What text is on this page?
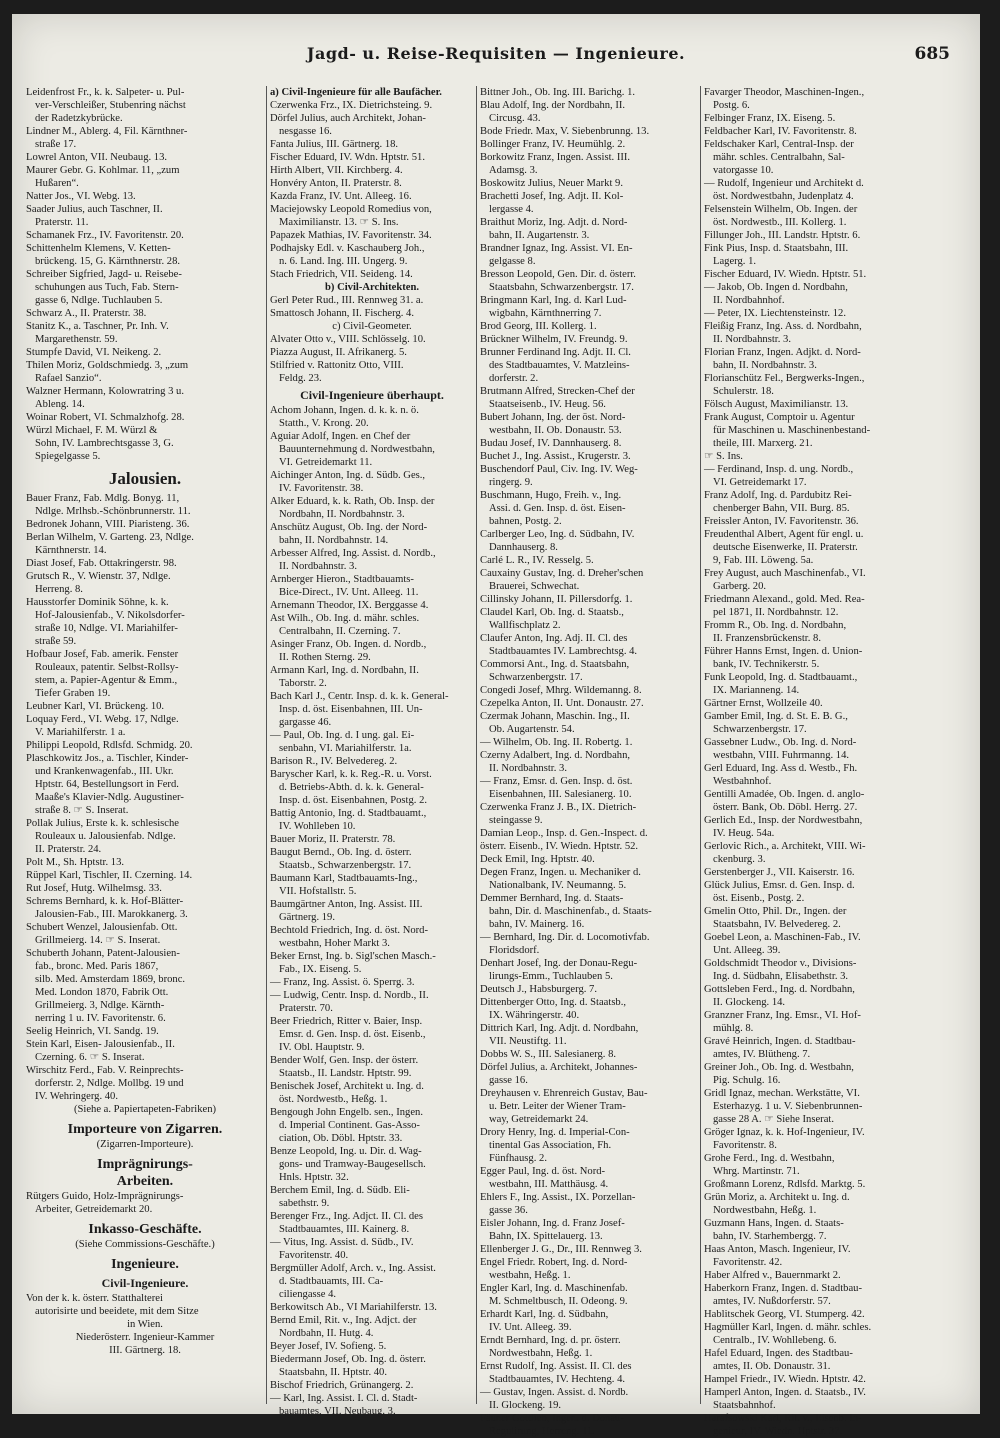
Jagd- u. Reise-Requisiten — Ingenieure.	685
Leidenfrost Fr., k. k. Salpeter- u. Pul-
ver-Verschleißer, Stubenring nächst
der Radetzkybrücke.
Lindner M., Ablerg. 4, Fil. Kärnthner-
straße 17.
Lowrel Anton, VII. Neubaug. 13.
Maurer Gebr. G. Kohlmar. 11, „zum
Hußaren“.
Natter Jos., VI. Webg. 13.
Saader Julius, auch Taschner, II.
Praterstr. 11.
Schamanek Frz., IV. Favoritenstr. 20.
Schittenhelm Klemens, V. Ketten-
brückeng. 15, G. Kärnthnerstr. 28.
Schreiber Sigfried, Jagd- u. Reisebe-
schuhungen aus Tuch, Fab. Stern-
gasse 6, Ndlge. Tuchlauben 5.
Schwarz A., II. Praterstr. 38.
Stanitz K., a. Taschner, Pr. Inh. V.
Margarethenstr. 59.
Stumpfe David, VI. Neikeng. 2.
Thilen Moriz, Goldschmiedg. 3, „zum
Rafael Sanzio“.
Walzner Hermann, Kolowratring 3 u.
Ableng. 14.
Woinar Robert, VI. Schmalzhofg. 28.
Würzl Michael, F. M. Würzl &
Sohn, IV. Lambrechtsgasse 3, G.
Spiegelgasse 5.
Jalousien.
Bauer Franz, Fab. Mdlg. Bonyg. 11,
Ndlge. Mrlhsb.-Schönbrunnerstr. 11.
Bedronek Johann, VIII. Piaristeng. 36.
Berlan Wilhelm, V. Garteng. 23, Ndlge.
Kärnthnerstr. 14.
Diast Josef, Fab. Ottakringerstr. 98.
Grutsch R., V. Wienstr. 37, Ndlge.
Herreng. 8.
Hausstorfer Dominik Söhne, k. k.
Hof-Jalousienfab., V. Nikolsdorfer-
straße 10, Ndlge. VI. Mariahilfer-
straße 59.
Hofbaur Josef, Fab. amerik. Fenster
Rouleaux, patentir. Selbst-Rollsy-
stem, a. Papier-Agentur & Emm.,
Tiefer Graben 19.
Leubner Karl, VI. Brückeng. 10.
Loquay Ferd., VI. Webg. 17, Ndlge.
V. Mariahilferstr. 1 a.
Philippi Leopold, Rdlsfd. Schmidg. 20.
Plaschkowitz Jos., a. Tischler, Kinder-
und Krankenwagenfab., III. Ukr.
Hptstr. 64, Bestellungsort in Ferd.
Maaße's Klavier-Ndlg. Augustiner-
straße 8. ☞ S. Inserat.
Pollak Julius, Erste k. k. schlesische
Rouleaux u. Jalousienfab. Ndlge.
II. Praterstr. 24.
Polt M., Sh. Hptstr. 13.
Rüppel Karl, Tischler, II. Czerning. 14.
Rut Josef, Hutg. Wilhelmsg. 33.
Schrems Bernhard, k. k. Hof-Blätter-
Jalousien-Fab., III. Marokkanerg. 3.
Schubert Wenzel, Jalousienfab. Ott.
Grillmeierg. 14. ☞ S. Inserat.
Schuberth Johann, Patent-Jalousien-
fab., bronc. Med. Paris 1867,
silb. Med. Amsterdam 1869, bronc.
Med. London 1870, Fabrik Ott.
Grillmeierg. 3, Ndlge. Kärnth-
nerring 1 u. IV. Favoritenstr. 6.
Seelig Heinrich, VI. Sandg. 19.
Stein Karl, Eisen- Jalousienfab., II.
Czerning. 6. ☞ S. Inserat.
Wirschitz Ferd., Fab. V. Reinprechts-
dorferstr. 2, Ndlge. Mollbg. 19 und
IV. Wehringerg. 40.
(Siehe a. Papiertapeten-Fabriken)
Importeure von Zigarren.
(Zigarren-Importeure).
Imprägnirungs-
Arbeiten.
Rütgers Guido, Holz-Imprägnirungs-
Arbeiter, Getreidemarkt 20.
Inkasso-Geschäfte.
(Siehe Commissions-Geschäfte.)
Ingenieure.
Civil-Ingenieure.
Von der k. k. österr. Statthalterei
autorisirte und beeidete, mit dem Sitze
in Wien.
Niederösterr. Ingenieur-Kammer
III. Gärtnerg. 18.
a) Civil-Ingenieure für alle Baufächer.
Czerwenka Frz., IX. Dietrichsteing. 9.
Dörfel Julius, auch Architekt, Johan-
nesgasse 16.
Fanta Julius, III. Gärtnerg. 18.
Fischer Eduard, IV. Wdn. Hptstr. 51.
Hirth Albert, VII. Kirchberg. 4.
Honvéry Anton, II. Praterstr. 8.
Kazda Franz, IV. Unt. Alleeg. 16.
Maciejowsky Leopold Romedius von,
Maximilianstr. 13. ☞ S. Ins.
Papazek Mathias, IV. Favoritenstr. 34.
Podhajsky Edl. v. Kaschauberg Joh.,
n. 6. Land. Ing. III. Ungerg. 9.
Stach Friedrich, VII. Seideng. 14.
b) Civil-Architekten.
Gerl Peter Rud., III. Rennweg 31. a.
Smattosch Johann, II. Fischerg. 4.
c) Civil-Geometer.
Alvater Otto v., VIII. Schlösselg. 10.
Piazza August, II. Afrikanerg. 5.
Stilfried v. Rattonitz Otto, VIII.
Feldg. 23.
Civil-Ingenieure überhaupt.
Achom Johann, Ingen. d. k. k. n. ö.
Statth., V. Krong. 20.
Aguiar Adolf, Ingen. en Chef der
Bauunternehmung d. Nordwestbahn,
VI. Getreidemarkt 11.
Aichinger Anton, Ing. d. Südb. Ges.,
IV. Favoritenstr. 38.
Alker Eduard, k. k. Rath, Ob. Insp. der
Nordbahn, II. Nordbahnstr. 3.
Anschütz August, Ob. Ing. der Nord-
bahn, II. Nordbahnstr. 14.
Arbesser Alfred, Ing. Assist. d. Nordb.,
II. Nordbahnstr. 3.
Arnberger Hieron., Stadtbauamts-
Bice-Direct., IV. Unt. Alleeg. 11.
Arnemann Theodor, IX. Berggasse 4.
Ast Wilh., Ob. Ing. d. mähr. schles.
Centralbahn, II. Czerning. 7.
Asinger Franz, Ob. Ingen. d. Nordb.,
II. Rothen Sterng. 29.
Armann Karl, Ing. d. Nordbahn, II.
Taborstr. 2.
Bach Karl J., Centr. Insp. d. k. k. General-
Insp. d. öst. Eisenbahnen, III. Un-
gargasse 46.
— Paul, Ob. Ing. d. I ung. gal. Ei-
senbahn, VI. Mariahilferstr. 1a.
Barison R., IV. Belvedereg. 2.
Baryscher Karl, k. k. Reg.-R. u. Vorst.
d. Betriebs-Abth. d. k. k. General-
Insp. d. öst. Eisenbahnen, Postg. 2.
Battig Antonio, Ing. d. Stadtbauamt.,
IV. Wohlleben 10.
Bauer Moriz, II. Praterstr. 78.
Baugut Bernd., Ob. Ing. d. österr.
Staatsb., Schwarzenbergstr. 17.
Baumann Karl, Stadtbauamts-Ing.,
VII. Hofstallstr. 5.
Baumgärtner Anton, Ing. Assist. III.
Gärtnerg. 19.
Bechtold Friedrich, Ing. d. öst. Nord-
westbahn, Hoher Markt 3.
Beker Ernst, Ing. b. Sigl'schen Masch.-
Fab., IX. Eiseng. 5.
— Franz, Ing. Assist. ö. Sperrg. 3.
— Ludwig, Centr. Insp. d. Nordb., II.
Praterstr. 70.
Beer Friedrich, Ritter v. Baier, Insp.
Emsr. d. Gen. Insp. d. öst. Eisenb.,
IV. Obl. Hauptstr. 9.
Bender Wolf, Gen. Insp. der österr.
Staatsb., II. Landstr. Hptstr. 99.
Benischek Josef, Architekt u. Ing. d.
öst. Nordwestb., Heßg. 1.
Bengough John Engelb. sen., Ingen.
d. Imperial Continent. Gas-Asso-
ciation, Ob. Döbl. Hptstr. 33.
Benze Leopold, Ing. u. Dir. d. Wag-
gons- und Tramway-Baugesellsch.
Hnls. Hptstr. 32.
Berchem Emil, Ing. d. Südb. Eli-
sabethstr. 9.
Berenger Frz., Ing. Adjct. II. Cl. des
Stadtbauamtes, III. Kainerg. 8.
— Vitus, Ing. Assist. d. Südb., IV.
Favoritenstr. 40.
Bergmüller Adolf, Arch. v., Ing. Assist.
d. Stadtbauamts, III. Ca-
ciliengasse 4.
Berkowitsch Ab., VI Mariahilferstr. 13.
Bernd Emil, Rit. v., Ing. Adjct. der
Nordbahn, II. Hutg. 4.
Beyer Josef, IV. Sofieng. 5.
Biedermann Josef, Ob. Ing. d. österr.
Staatsbahn, II. Hptstr. 40.
Bischof Friedrich, Grünangerg. 2.
— Karl, Ing. Assist. I. Cl. d. Stadt-
bauamtes, VII. Neubaug. 3.
Bittner Joh., Ob. Ing. III. Barichg. 1.
Blau Adolf, Ing. der Nordbahn, II.
Circusg. 43.
Bode Friedr. Max, V. Siebenbrunng. 13.
Bollinger Franz, IV. Heumühlg. 2.
Borkowitz Franz, Ingen. Assist. III.
Adamsg. 3.
Boskowitz Julius, Neuer Markt 9.
Brachetti Josef, Ing. Adjt. II. Kol-
lergasse 4.
Braithut Moriz, Ing. Adjt. d. Nord-
bahn, II. Augartenstr. 3.
Brandner Ignaz, Ing. Assist. VI. En-
gelgasse 8.
Bresson Leopold, Gen. Dir. d. österr.
Staatsbahn, Schwarzenbergstr. 17.
Bringmann Karl, Ing. d. Karl Lud-
wigbahn, Kärnthnerring 7.
Brod Georg, III. Kollerg. 1.
Brückner Wilhelm, IV. Freundg. 9.
Brunner Ferdinand Ing. Adjt. II. Cl.
des Stadtbauamtes, V. Matzleins-
dorferstr. 2.
Brutmann Alfred, Strecken-Chef der
Staatseisenb., IV. Heug. 56.
Bubert Johann, Ing. der öst. Nord-
westbahn, II. Ob. Donaustr. 53.
Budau Josef, IV. Dannhauserg. 8.
Buchet J., Ing. Assist., Krugerstr. 3.
Buschendorf Paul, Civ. Ing. IV. Weg-
ringerg. 9.
Buschmann, Hugo, Freih. v., Ing.
Assi. d. Gen. Insp. d. öst. Eisen-
bahnen, Postg. 2.
Carlberger Leo, Ing. d. Südbahn, IV.
Dannhauserg. 8.
Carlé L. R., IV. Resselg. 5.
Cauxainy Gustav, Ing. d. Dreher'schen
Brauerei, Schwechat.
Cillinsky Johann, II. Pillersdorfg. 1.
Claudel Karl, Ob. Ing. d. Staatsb.,
Wallfischplatz 2.
Claufer Anton, Ing. Adj. II. Cl. des
Stadtbauamtes IV. Lambrechtsg. 4.
Commorsi Ant., Ing. d. Staatsbahn,
Schwarzenbergstr. 17.
Congedi Josef, Mhrg. Wildemanng. 8.
Czepelka Anton, II. Unt. Donaustr. 27.
Czermak Johann, Maschin. Ing., II.
Ob. Augartenstr. 54.
— Wilhelm, Ob. Ing. II. Robertg. 1.
Czerny Adalbert, Ing. d. Nordbahn,
II. Nordbahnstr. 3.
— Franz, Emsr. d. Gen. Insp. d. öst.
Eisenbahnen, III. Salesianerg. 10.
Czerwenka Franz J. B., IX. Dietrich-
steingasse 9.
Damian Leop., Insp. d. Gen.-Inspect. d.
österr. Eisenb., IV. Wiedn. Hptstr. 52.
Deck Emil, Ing. Hptstr. 40.
Degen Franz, Ingen. u. Mechaniker d.
Nationalbank, IV. Neumanng. 5.
Demmer Bernhard, Ing. d. Staats-
bahn, Dir. d. Maschinenfab., d. Staats-
bahn, IV. Mainerg. 16.
— Bernhard, Ing. Dir. d. Locomotivfab.
Floridsdorf.
Denhart Josef, Ing. der Donau-Regu-
lirungs-Emm., Tuchlauben 5.
Deutsch J., Habsburgerg. 7.
Dittenberger Otto, Ing. d. Staatsb.,
IX. Währingerstr. 40.
Dittrich Karl, Ing. Adjt. d. Nordbahn,
VII. Neustiftg. 11.
Dobbs W. S., III. Salesianerg. 8.
Dörfel Julius, a. Architekt, Johannes-
gasse 16.
Dreyhausen v. Ehrenreich Gustav, Bau-
u. Betr. Leiter der Wiener Tram-
way, Getreidemarkt 24.
Drory Henry, Ing. d. Imperial-Con-
tinental Gas Association, Fh.
Fünfhausg. 2.
Egger Paul, Ing. d. öst. Nord-
westbahn, III. Matthäusg. 4.
Ehlers F., Ing. Assist., IX. Porzellan-
gasse 36.
Eisler Johann, Ing. d. Franz Josef-
Bahn, IX. Spittelauerg. 13.
Ellenberger J. G., Dr., III. Rennweg 3.
Engel Friedr. Robert, Ing. d. Nord-
westbahn, Heßg. 1.
Engler Karl, Ing. d. Maschinenfab.
M. Schmeltbusch, II. Odeong. 9.
Erhardt Karl, Ing. d. Südbahn,
IV. Unt. Alleeg. 39.
Erndt Bernhard, Ing. d. pr. österr.
Nordwestbahn, Heßg. 1.
Ernst Rudolf, Ing. Assist. II. Cl. des
Stadtbauamtes, IV. Hechteng. 4.
— Gustav, Ingen. Assist. d. Nordb.
II. Glockeng. 19.
Fäuner Gottlieb, Ingen. d. Donau-
Regulirung, Herreng. 11.
Favarger Theodor, Maschinen-Ingen.,
Postg. 6.
Felbinger Franz, IX. Eiseng. 5.
Feldbacher Karl, IV. Favoritenstr. 8.
Feldschaker Karl, Central-Insp. der
mähr. schles. Centralbahn, Sal-
vatorgasse 10.
— Rudolf, Ingenieur und Architekt d.
öst. Nordwestbahn, Judenplatz 4.
Felsenstein Wilhelm, Ob. Ingen. der
öst. Nordwestb., III. Kollerg. 1.
Fillunger Joh., III. Landstr. Hptstr. 6.
Fink Pius, Insp. d. Staatsbahn, III.
Lagerg. 1.
Fischer Eduard, IV. Wiedn. Hptstr. 51.
— Jakob, Ob. Ingen d. Nordbahn,
II. Nordbahnhof.
— Peter, IX. Liechtensteinstr. 12.
Fleißig Franz, Ing. Ass. d. Nordbahn,
II. Nordbahnstr. 3.
Florian Franz, Ingen. Adjkt. d. Nord-
bahn, II. Nordbahnstr. 3.
Florianschütz Fel., Bergwerks-Ingen.,
Schulerstr. 18.
Fölsch August, Maximilianstr. 13.
Frank August, Comptoir u. Agentur
für Maschinen u. Maschinenbestand-
theile, III. Marxerg. 21.
☞ S. Ins.
— Ferdinand, Insp. d. ung. Nordb.,
VI. Getreidemarkt 17.
Franz Adolf, Ing. d. Pardubitz Rei-
chenberger Bahn, VII. Burg. 85.
Freissler Anton, IV. Favoritenstr. 36.
Freudenthal Albert, Agent für engl. u.
deutsche Eisenwerke, II. Praterstr.
9, Fab. III. Löweng. 5a.
Frey August, auch Maschinenfab., VI.
Garberg. 20.
Friedmann Alexand., gold. Med. Rea-
pel 1871, II. Nordbahnstr. 12.
Fromm R., Ob. Ing. d. Nordbahn,
II. Franzensbrückenstr. 8.
Führer Hanns Ernst, Ingen. d. Union-
bank, IV. Technikerstr. 5.
Funk Leopold, Ing. d. Stadtbauamt.,
IX. Marianneng. 14.
Gärtner Ernst, Wollzeile 40.
Gamber Emil, Ing. d. St. E. B. G.,
Schwarzenbergstr. 17.
Gassebner Ludw., Ob. Ing. d. Nord-
westbahn, VIII. Fuhrmanng. 14.
Gerl Eduard, Ing. Ass d. Westb., Fh.
Westbahnhof.
Gentilli Amadée, Ob. Ingen. d. anglo-
österr. Bank, Ob. Döbl. Herrg. 27.
Gerlich Ed., Insp. der Nordwestbahn,
IV. Heug. 54a.
Gerlovic Rich., a. Architekt, VIII. Wi-
ckenburg. 3.
Gerstenberger J., VII. Kaiserstr. 16.
Glück Julius, Emsr. d. Gen. Insp. d.
öst. Eisenb., Postg. 2.
Gmelin Otto, Phil. Dr., Ingen. der
Staatsbahn, IV. Belvedereg. 2.
Goebel Leon, a. Maschinen-Fab., IV.
Unt. Alleeg. 39.
Goldschmidt Theodor v., Divisions-
Ing. d. Südbahn, Elisabethstr. 3.
Gottsleben Ferd., Ing. d. Nordbahn,
II. Glockeng. 14.
Granzner Franz, Ing. Emsr., VI. Hof-
mühlg. 8.
Gravé Heinrich, Ingen. d. Stadtbau-
amtes, IV. Blütheng. 7.
Greiner Joh., Ob. Ing. d. Westbahn,
Pig. Schulg. 16.
Gridl Ignaz, mechan. Werkstätte, VI.
Esterhazyg. 1 u. V. Siebenbrunnen-
gasse 28 A. ☞ Siehe Inserat.
Gröger Ignaz, k. k. Hof-Ingenieur, IV.
Favoritenstr. 8.
Grohe Ferd., Ing. d. Westbahn,
Whrg. Martinstr. 71.
Großmann Lorenz, Rdlsfd. Marktg. 5.
Grün Moriz, a. Architekt u. Ing. d.
Nordwestbahn, Heßg. 1.
Guzmann Hans, Ingen. d. Staats-
bahn, IV. Starhembergg. 7.
Haas Anton, Masch. Ingenieur, IV.
Favoritenstr. 42.
Haber Alfred v., Bauernmarkt 2.
Haberkorn Franz, Ingen. d. Stadtbau-
amtes, IV. Nußdorferstr. 57.
Hablitschek Georg, VI. Stumperg. 42.
Hagmüller Karl, Ingen. d. mähr. schles.
Centralb., IV. Wohllebeng. 6.
Hafel Eduard, Ingen. des Stadtbau-
amtes, II. Ob. Donaustr. 31.
Hampel Friedr., IV. Wiedn. Hptstr. 42.
Hamperl Anton, Ingen. d. Staatsb., IV.
Staatsbahnhof.
Harafsowski Karl, Rit. v., Eisenb. In-
genieur, IV. Wiedn. Hptstr. 37.
